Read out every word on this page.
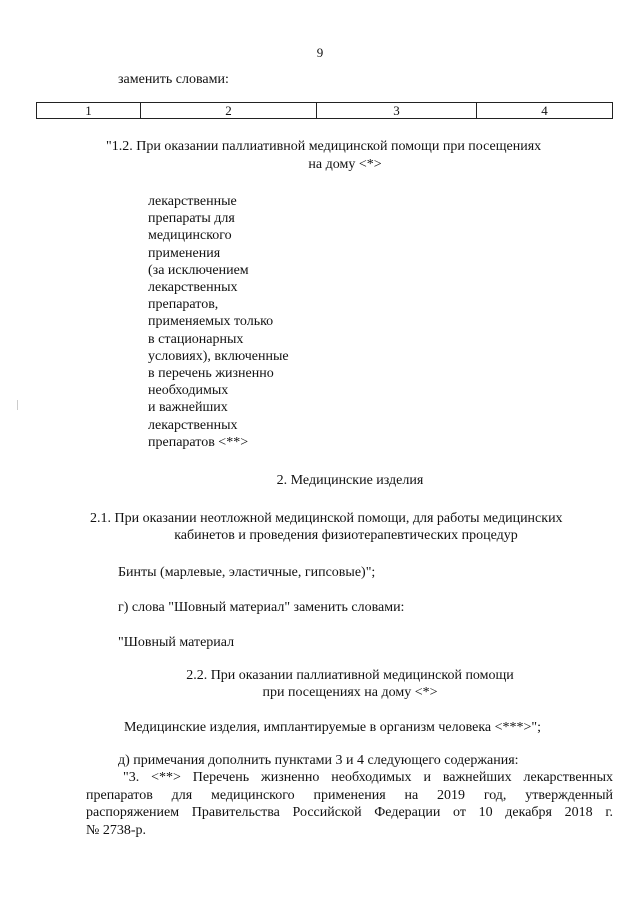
9
заменить словами:
1	2	3	4
"1.2. При оказании паллиативной медицинской помощи при посещениях
на дому <*>
лекарственные
препараты для
медицинского
применения
(за исключением
лекарственных
препаратов,
применяемых только
в стационарных
условиях), включенные
в перечень жизненно
необходимых
и важнейших
лекарственных
препаратов <**>
2. Медицинские изделия
2.1. При оказании неотложной медицинской помощи, для работы медицинских
кабинетов и проведения физиотерапевтических процедур
Бинты (марлевые, эластичные, гипсовые)";
г) слова "Шовный материал" заменить словами:
"Шовный материал
2.2. При оказании паллиативной медицинской помощи
при посещениях на дому <*>
Медицинские изделия, имплантируемые в организм человека <***>";
д) примечания дополнить пунктами 3 и 4 следующего содержания:
"3. <**> Перечень жизненно необходимых и важнейших лекарственных
препаратов для медицинского применения на 2019 год, утвержденный
распоряжением Правительства Российской Федерации от 10 декабря 2018 г.
№ 2738-р.
